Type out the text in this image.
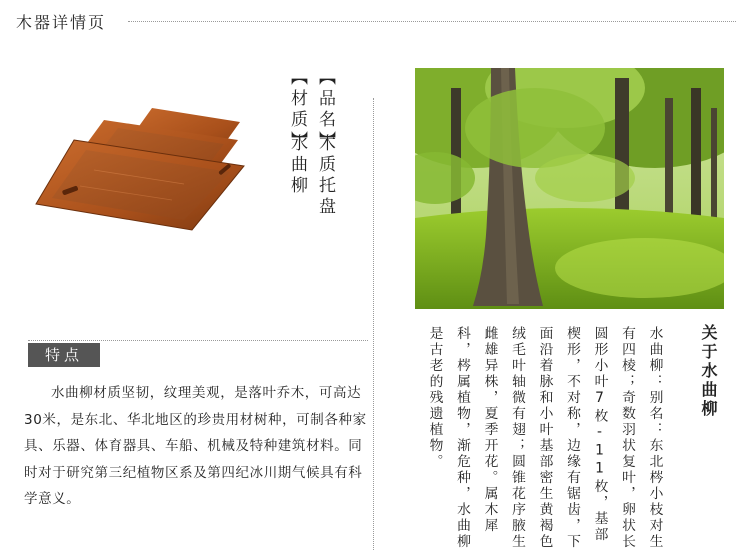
木器详情页
【品名】
木质托盘
【材质】
水曲柳
特点

水曲柳材质坚韧，纹理美观，是落叶乔木，可高达30米，是东北、华北地区的珍贵用材树种，可制各种家具、乐器、体育器具、车船、机械及特种建筑材料。同时对于研究第三纪植物区系及第四纪冰川期气候具有科学意义。

关于水曲柳
水曲柳：别名：东北梣小枝对生有四棱；奇数羽状复叶，卵状长圆形小叶7枚-11枚，基部楔形，不对称，边缘有锯齿，下面沿着脉和小叶基部密生黄褐色绒毛叶轴微有翅；圆锥花序腋生雌雄异株，夏季开花。属木犀科，梣属植物，渐危种，水曲柳是古老的残遗植物。
